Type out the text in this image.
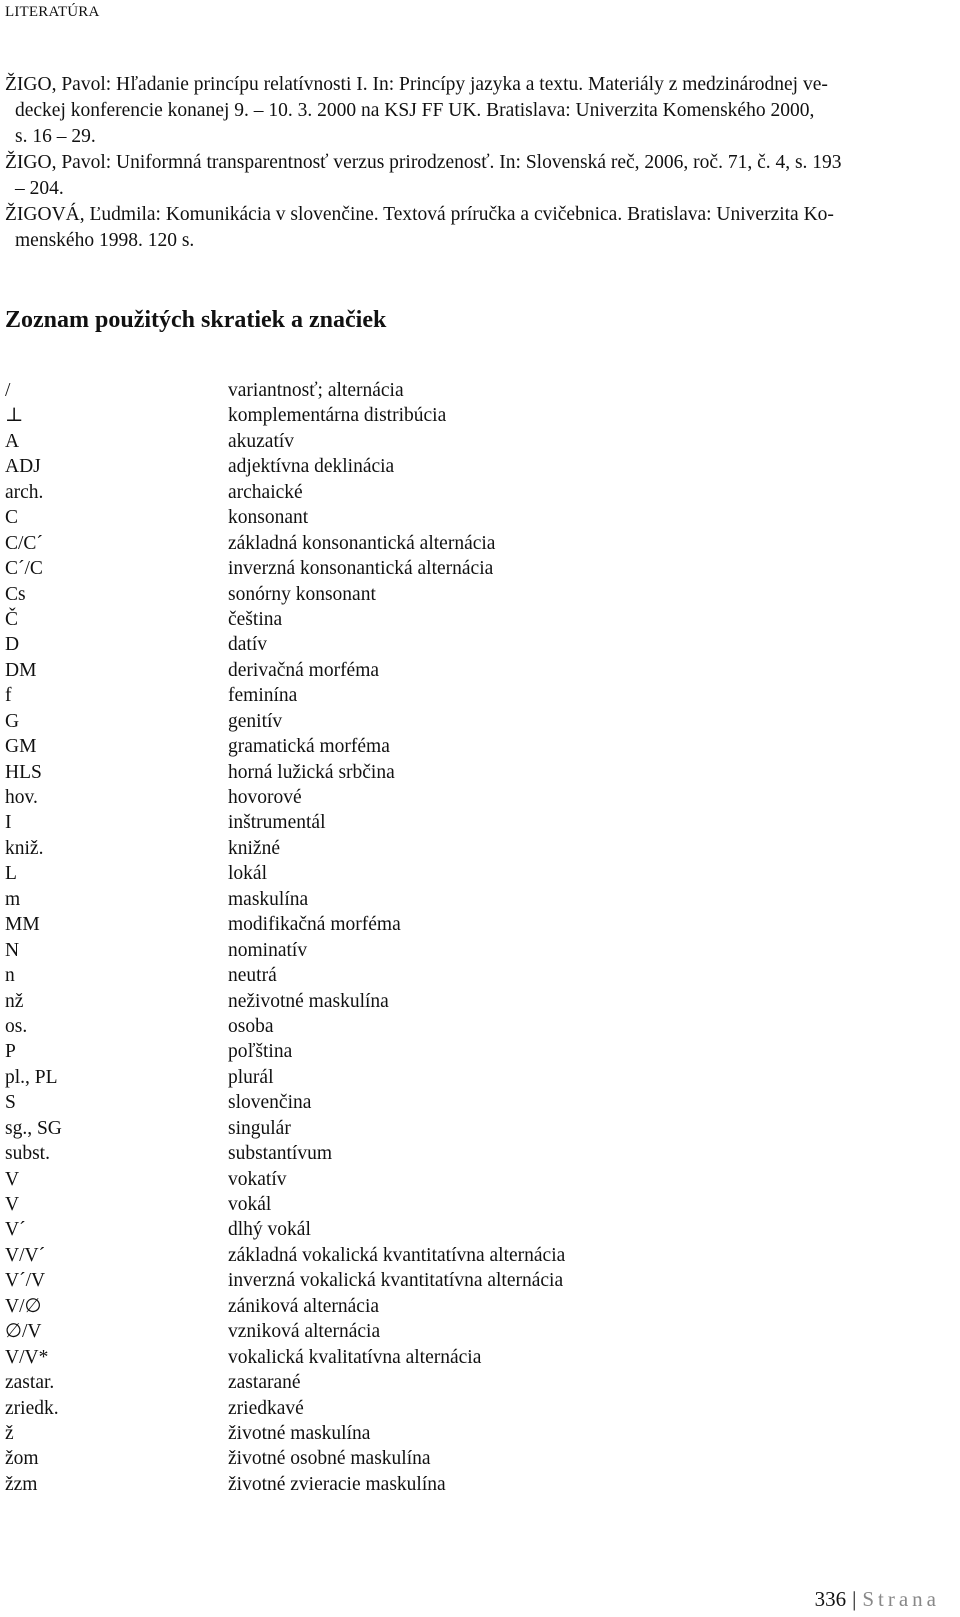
LITERATÚRA
ŽIGO, Pavol: Hľadanie princípu relatívnosti I. In: Princípy jazyka a textu. Materiály z medzinárodnej ve-
deckej konferencie konanej 9. – 10. 3. 2000 na KSJ FF UK. Bratislava: Univerzita Komenského 2000,
s. 16 – 29.
ŽIGO, Pavol: Uniformná transparentnosť verzus prirodzenosť. In: Slovenská reč, 2006, roč. 71, č. 4, s. 193
– 204.
ŽIGOVÁ, Ľudmila: Komunikácia v slovenčine. Textová príručka a cvičebnica. Bratislava: Univerzita Ko-
menského 1998. 120 s.
Zoznam použitých skratiek a značiek
/	variantnosť; alternácia
⊥	komplementárna distribúcia
A	akuzatív
ADJ	adjektívna deklinácia
arch.	archaické
C	konsonant
C/C´	základná konsonantická alternácia
C´/C	inverzná konsonantická alternácia
Cs	sonórny konsonant
Č	čeština
D	datív
DM	derivačná morféma
f	feminína
G	genitív
GM	gramatická morféma
HLS	horná lužická srbčina
hov.	hovorové
I	inštrumentál
kniž.	knižné
L	lokál
m	maskulína
MM	modifikačná morféma
N	nominatív
n	neutrá
nž	neživotné maskulína
os.	osoba
P	poľština
pl., PL	plurál
S	slovenčina
sg., SG	singulár
subst.	substantívum
V	vokatív
V	vokál
V´	dlhý vokál
V/V´	základná vokalická kvantitatívna alternácia
V´/V	inverzná vokalická kvantitatívna alternácia
V/∅	zániková alternácia
∅/V	vzniková alternácia
V/V*	vokalická kvalitatívna alternácia
zastar.	zastarané
zriedk.	zriedkavé
ž	životné maskulína
žom	životné osobné maskulína
žzm	životné zvieracie maskulína
336 | Strana
